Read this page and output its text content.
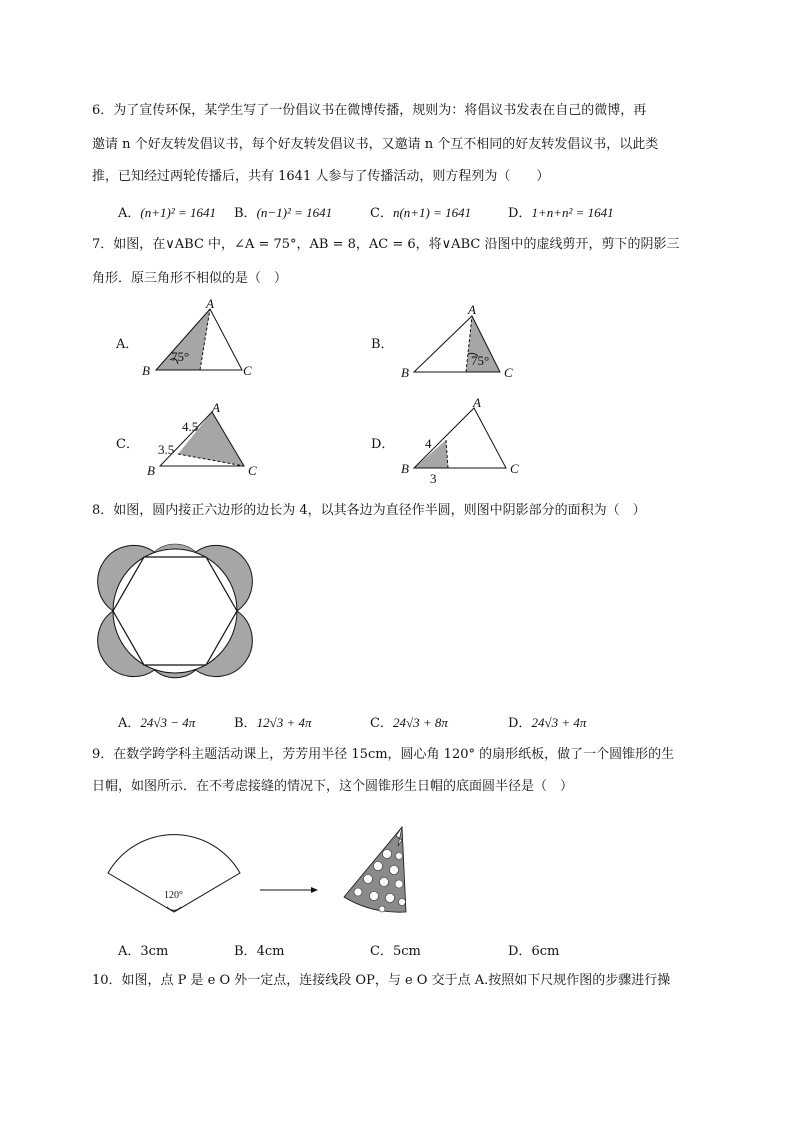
6．为了宣传环保，某学生写了一份倡议书在微博传播，规则为：将倡议书发表在自己的微博，再
邀请 n 个好友转发倡议书，每个好友转发倡议书，又邀请 n 个互不相同的好友转发倡议书，以此类
推，已知经过两轮传播后，共有 1641 人参与了传播活动，则方程列为（　　）
A．(n+1)² = 1641 B．(n−1)² = 1641	C．n(n+1) = 1641	D．1+n+n² = 1641
7．如图，在∨ABC 中，∠A = 75°，AB = 8，AC = 6，将∨ABC 沿图中的虚线剪开，剪下的阴影三
角形．原三角形不相似的是（　）
A．
75°
A
B	C
B．
75°
A
B	C
C．
4.5
3.5
A
B	C
D． 4
3
A
B	C
8．如图，圆内接正六边形的边长为 4，以其各边为直径作半圆，则图中阴影部分的面积为（　）
A．24√3 − 4π	B．12√3 + 4π	C．24√3 + 8π	D．24√3 + 4π
9．在数学跨学科主题活动课上，芳芳用半径 15cm，圆心角 120° 的扇形纸板，做了一个圆锥形的生
日帽，如图所示．在不考虑接缝的情况下，这个圆锥形生日帽的底面圆半径是（　）
120°
A．3cm	B．4cm	C．5cm	D．6cm
10．如图，点 P 是 e O 外一定点，连接线段 OP，与 e O 交于点 A.按照如下尺规作图的步骤进行操
